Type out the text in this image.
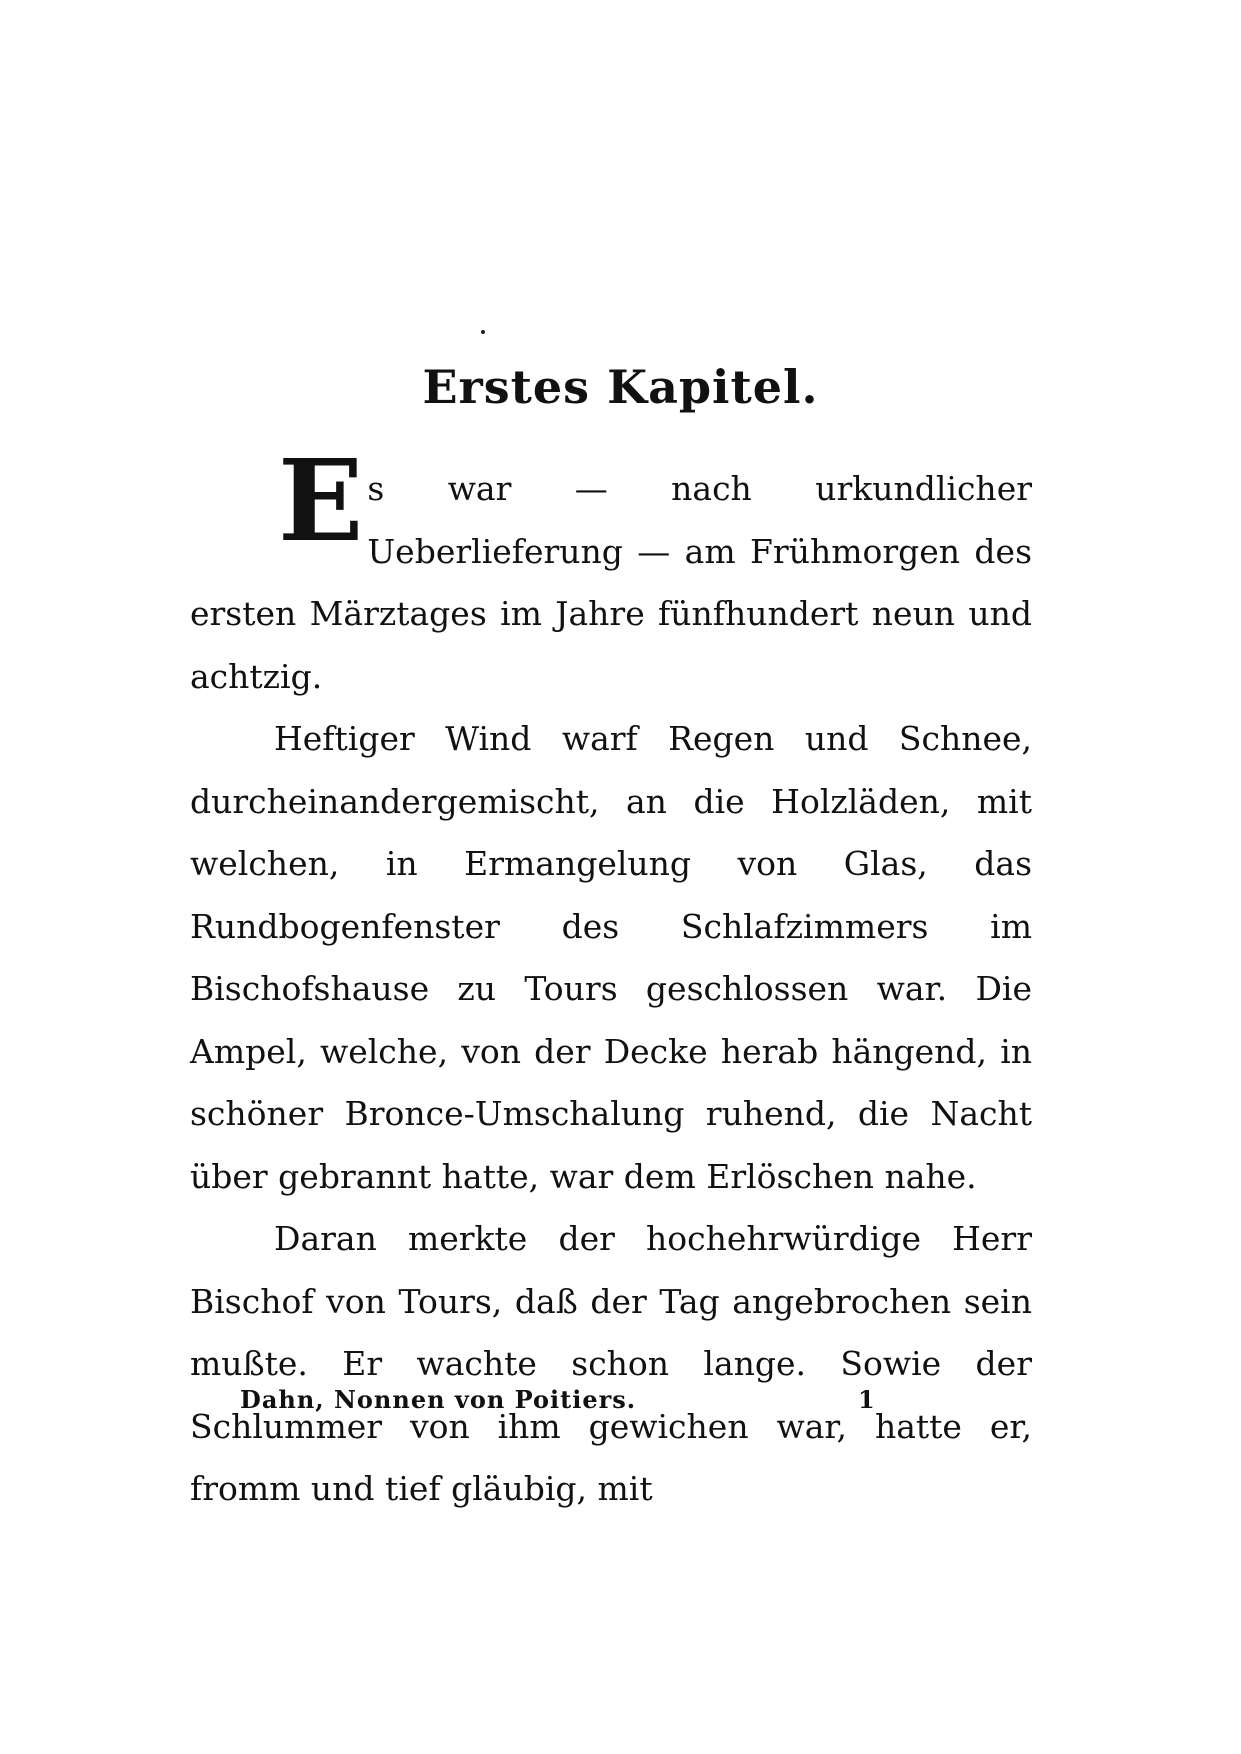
Erstes Kapitel.

Es war — nach urkundlicher Ueberlieferung — am Frühmorgen des ersten Märztages im Jahre fünfhundert neun und achtzig.

Heftiger Wind warf Regen und Schnee, durcheinandergemischt, an die Holzläden, mit welchen, in Ermangelung von Glas, das Rundbogenfenster des Schlafzimmers im Bischofshause zu Tours geschlossen war. Die Ampel, welche, von der Decke herab hängend, in schöner Bronce-Umschalung ruhend, die Nacht über gebrannt hatte, war dem Erlöschen nahe.

Daran merkte der hochehrwürdige Herr Bischof von Tours, daß der Tag angebrochen sein mußte. Er wachte schon lange. Sowie der Schlummer von ihm gewichen war, hatte er, fromm und tief gläubig, mit

Dahn, Nonnen von Poitiers.	1
